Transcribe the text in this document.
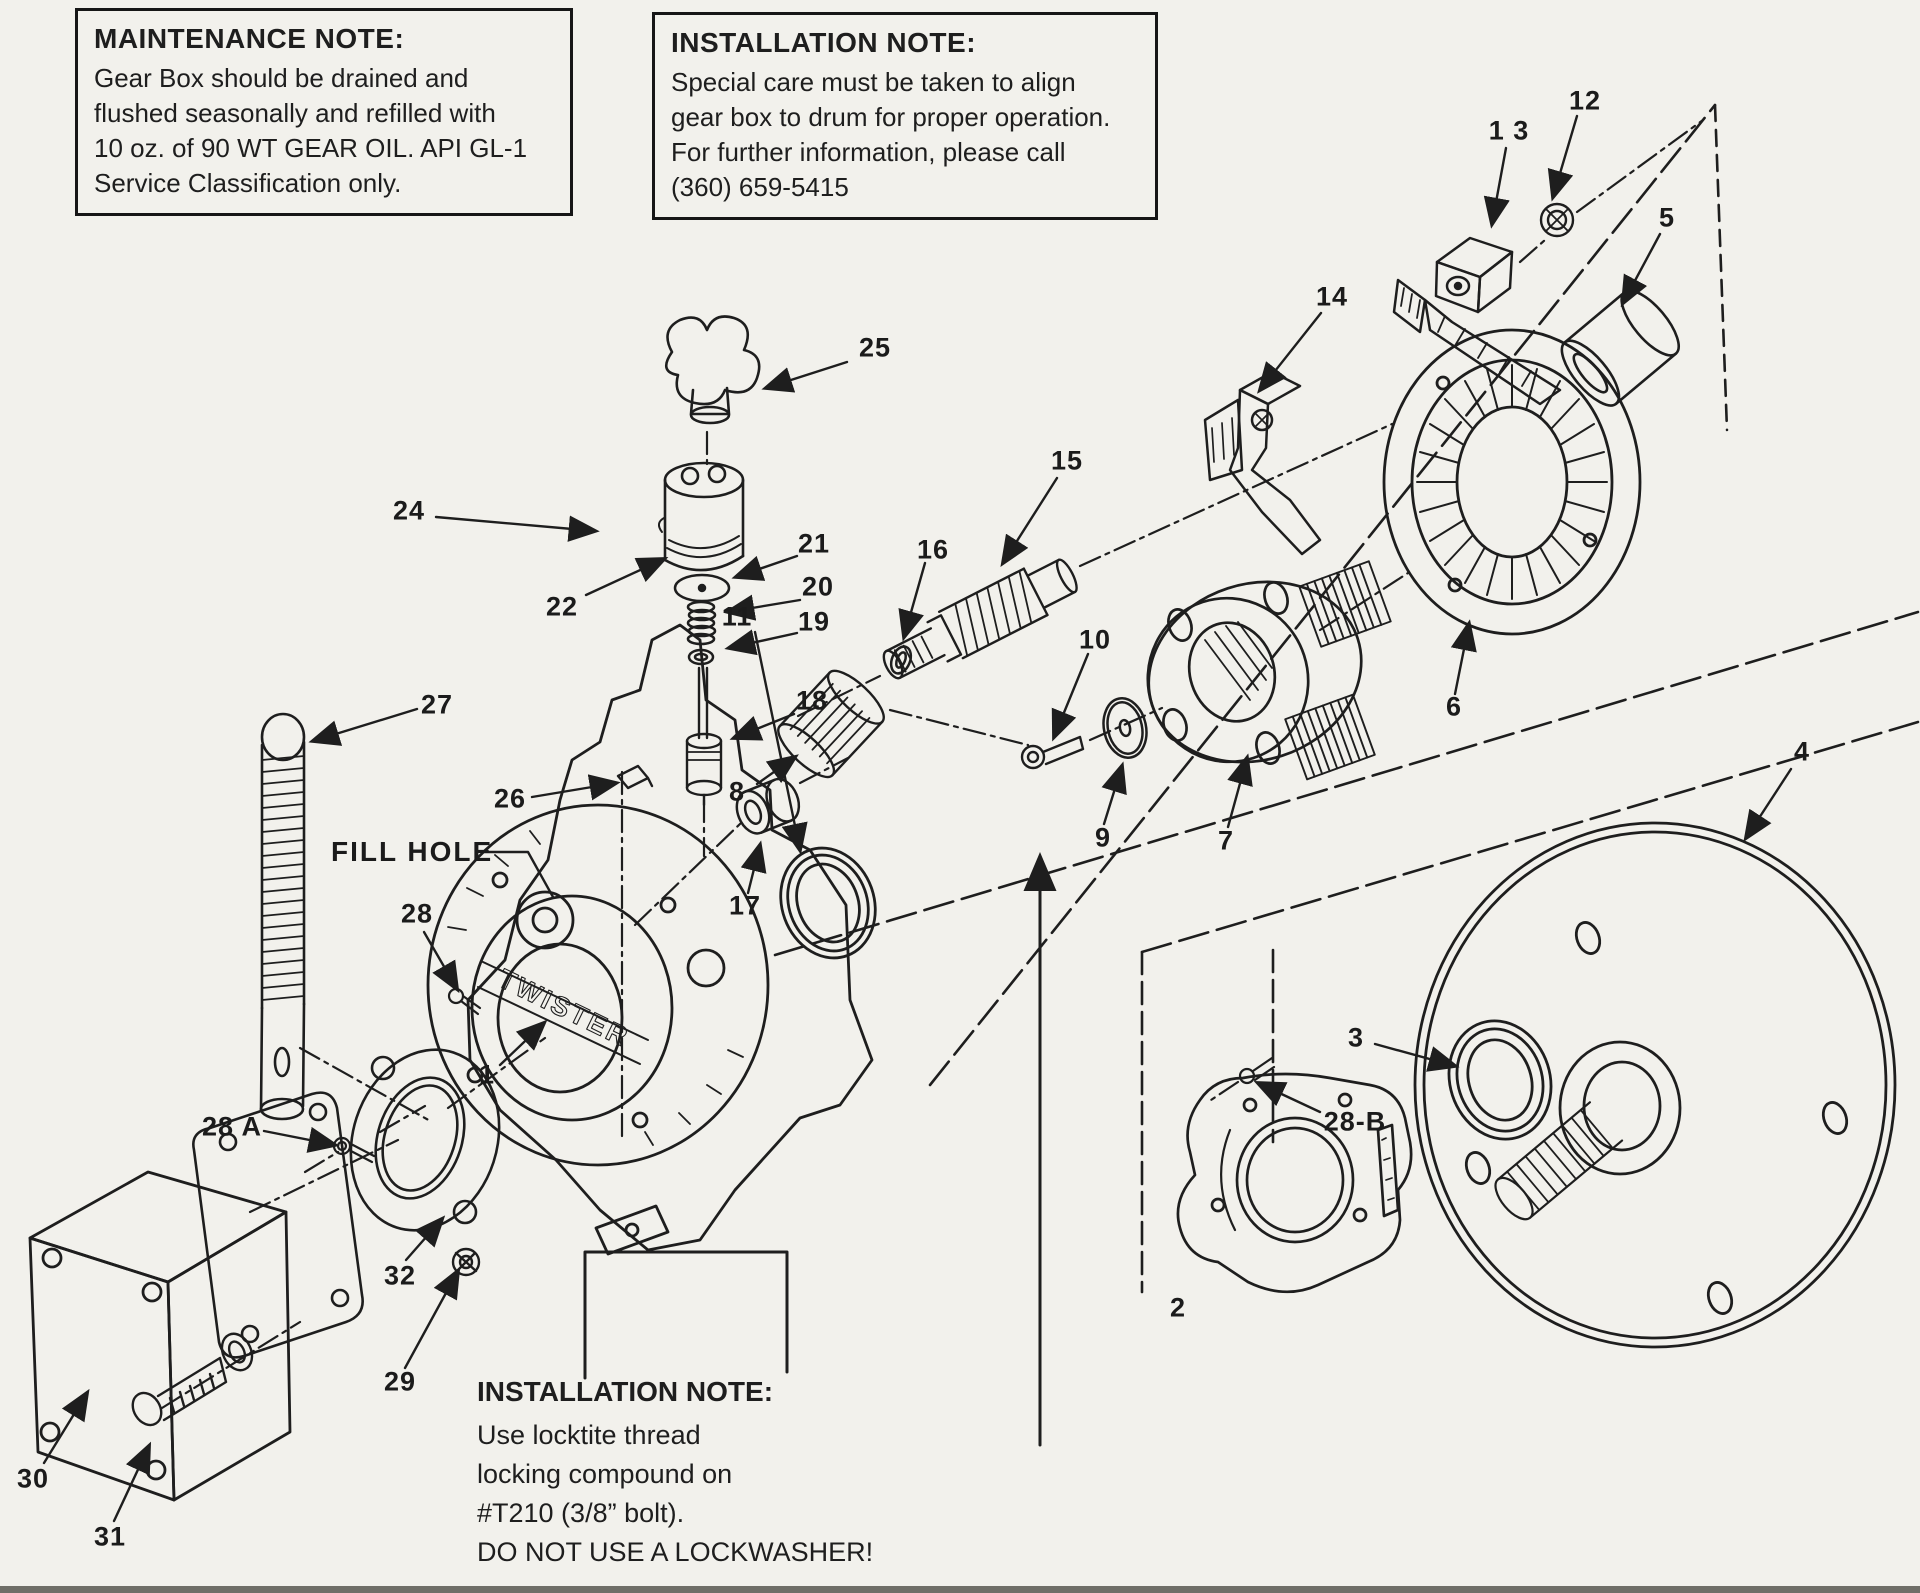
TWISTER
MAINTENANCE NOTE:
Gear Box should be drained and
flushed seasonally and refilled with
10 oz. of 90 WT GEAR OIL. API GL-1
Service Classification only.
INSTALLATION NOTE:
Special care must be taken to align
gear box to drum for proper operation.
For further information, please call
(360) 659-5415
INSTALLATION NOTE:
Use locktite thread
locking compound on
#T210 (3/8” bolt).
DO NOT USE A LOCKWASHER!
FILL HOLE
25
24
22
21
20
19
18
27
26
28
11
8
17
16
15
10
9	7
14
1 3
12
5
6
4
3
28 A
32
1
29
30
31
2
28-B
